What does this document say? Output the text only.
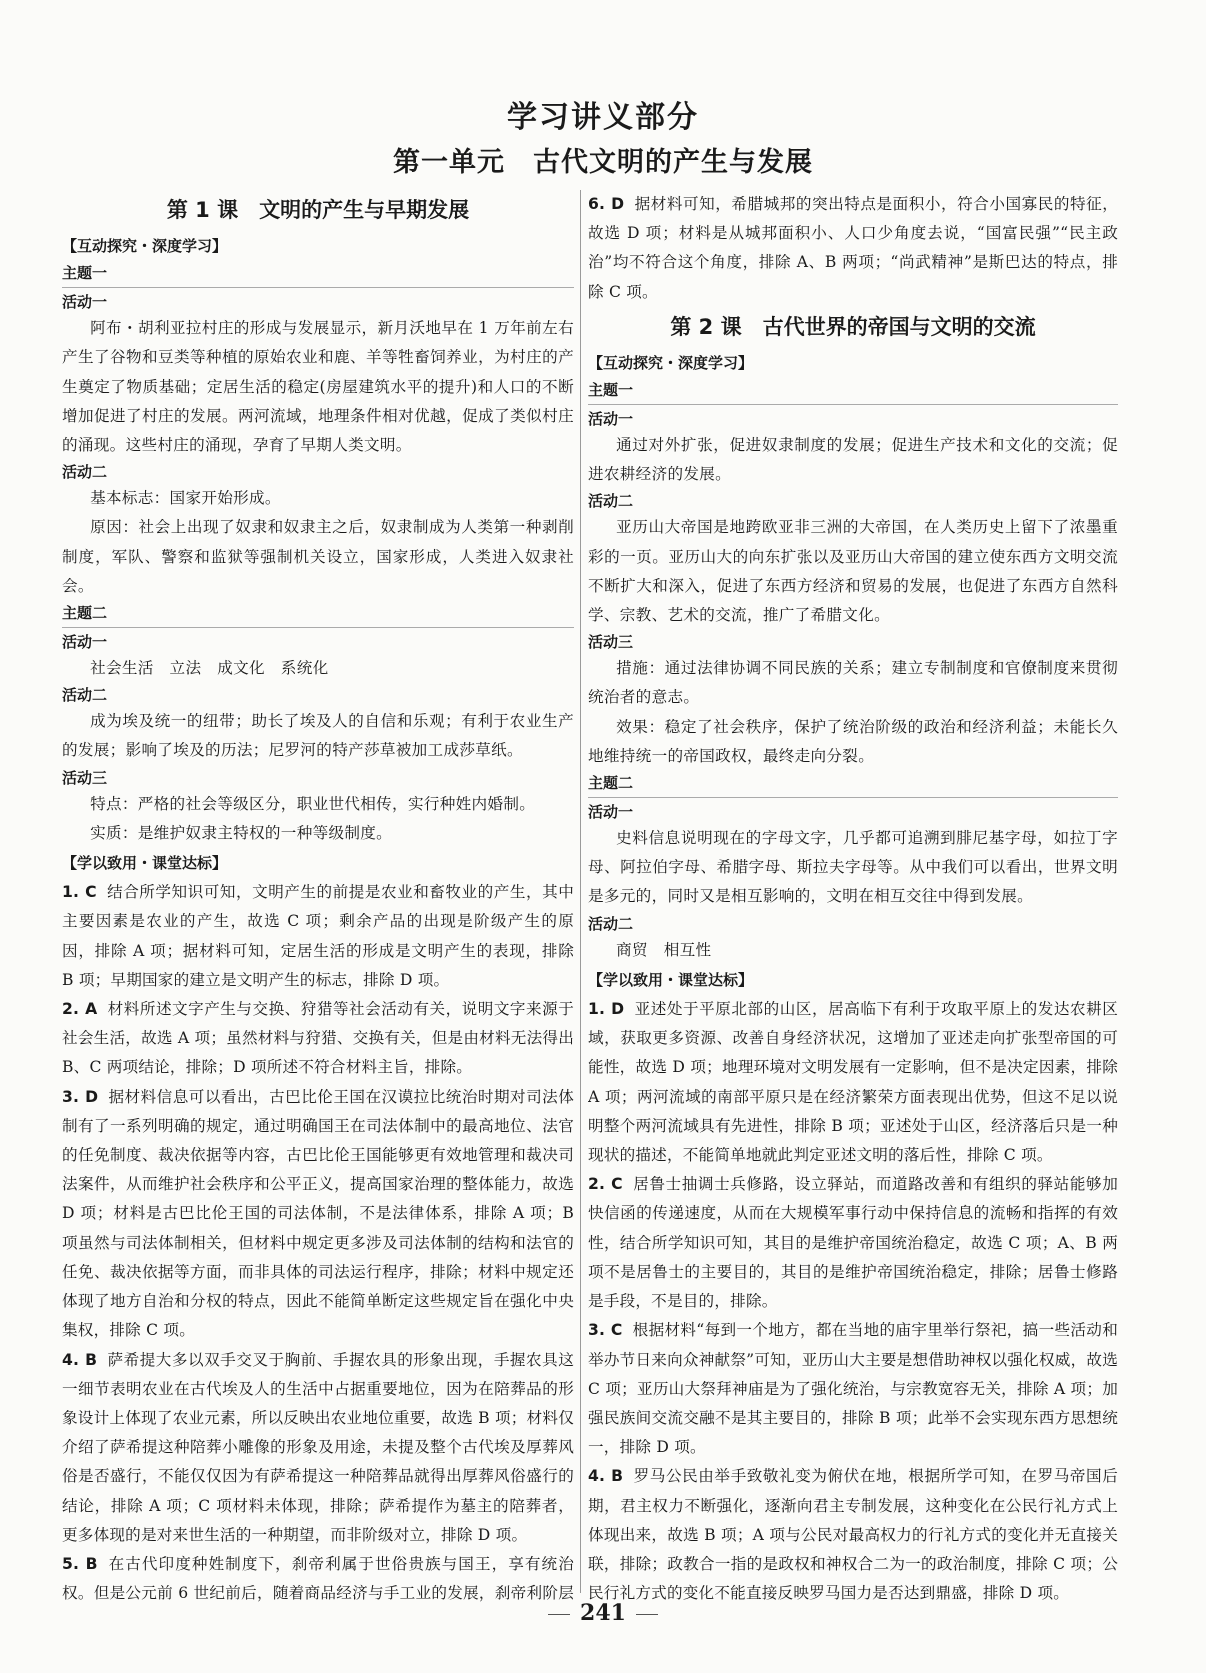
学习讲义部分
第一单元　古代文明的产生与发展
第 1 课　文明的产生与早期发展
【互动探究・深度学习】
主题一
活动一
阿布・胡利亚拉村庄的形成与发展显示，新月沃地早在 1 万年前左右产生了谷物和豆类等种植的原始农业和鹿、羊等牲畜饲养业，为村庄的产生奠定了物质基础；定居生活的稳定(房屋建筑水平的提升)和人口的不断增加促进了村庄的发展。两河流域，地理条件相对优越，促成了类似村庄的涌现。这些村庄的涌现，孕育了早期人类文明。
活动二
基本标志：国家开始形成。
原因：社会上出现了奴隶和奴隶主之后，奴隶制成为人类第一种剥削制度，军队、警察和监狱等强制机关设立，国家形成，人类进入奴隶社会。
主题二
活动一
社会生活　立法　成文化　系统化
活动二
成为埃及统一的纽带；助长了埃及人的自信和乐观；有利于农业生产的发展；影响了埃及的历法；尼罗河的特产莎草被加工成莎草纸。
活动三
特点：严格的社会等级区分，职业世代相传，实行种姓内婚制。
实质：是维护奴隶主特权的一种等级制度。
【学以致用・课堂达标】
1. C 结合所学知识可知，文明产生的前提是农业和畜牧业的产生，其中主要因素是农业的产生，故选 C 项；剩余产品的出现是阶级产生的原因，排除 A 项；据材料可知，定居生活的形成是文明产生的表现，排除 B 项；早期国家的建立是文明产生的标志，排除 D 项。
2. A 材料所述文字产生与交换、狩猎等社会活动有关，说明文字来源于社会生活，故选 A 项；虽然材料与狩猎、交换有关，但是由材料无法得出 B、C 两项结论，排除；D 项所述不符合材料主旨，排除。
3. D 据材料信息可以看出，古巴比伦王国在汉谟拉比统治时期对司法体制有了一系列明确的规定，通过明确国王在司法体制中的最高地位、法官的任免制度、裁决依据等内容，古巴比伦王国能够更有效地管理和裁决司法案件，从而维护社会秩序和公平正义，提高国家治理的整体能力，故选 D 项；材料是古巴比伦王国的司法体制，不是法律体系，排除 A 项；B 项虽然与司法体制相关，但材料中规定更多涉及司法体制的结构和法官的任免、裁决依据等方面，而非具体的司法运行程序，排除；材料中规定还体现了地方自治和分权的特点，因此不能简单断定这些规定旨在强化中央集权，排除 C 项。
4. B 萨希提大多以双手交叉于胸前、手握农具的形象出现，手握农具这一细节表明农业在古代埃及人的生活中占据重要地位，因为在陪葬品的形象设计上体现了农业元素，所以反映出农业地位重要，故选 B 项；材料仅介绍了萨希提这种陪葬小雕像的形象及用途，未提及整个古代埃及厚葬风俗是否盛行，不能仅仅因为有萨希提这一种陪葬品就得出厚葬风俗盛行的结论，排除 A 项；C 项材料未体现，排除；萨希提作为墓主的陪葬者，更多体现的是对来世生活的一种期望，而非阶级对立，排除 D 项。
5. B 在古代印度种姓制度下，刹帝利属于世俗贵族与国王，享有统治权。但是公元前 6 世纪前后，随着商品经济与手工业的发展，刹帝利阶层
6. D 据材料可知，希腊城邦的突出特点是面积小，符合小国寡民的特征，故选 D 项；材料是从城邦面积小、人口少角度去说，“国富民强”“民主政治”均不符合这个角度，排除 A、B 两项；“尚武精神”是斯巴达的特点，排除 C 项。
第 2 课　古代世界的帝国与文明的交流
【互动探究・深度学习】
主题一
活动一
通过对外扩张，促进奴隶制度的发展；促进生产技术和文化的交流；促进农耕经济的发展。
活动二
亚历山大帝国是地跨欧亚非三洲的大帝国，在人类历史上留下了浓墨重彩的一页。亚历山大的向东扩张以及亚历山大帝国的建立使东西方文明交流不断扩大和深入，促进了东西方经济和贸易的发展，也促进了东西方自然科学、宗教、艺术的交流，推广了希腊文化。
活动三
措施：通过法律协调不同民族的关系；建立专制制度和官僚制度来贯彻统治者的意志。
效果：稳定了社会秩序，保护了统治阶级的政治和经济利益；未能长久地维持统一的帝国政权，最终走向分裂。
主题二
活动一
史料信息说明现在的字母文字，几乎都可追溯到腓尼基字母，如拉丁字母、阿拉伯字母、希腊字母、斯拉夫字母等。从中我们可以看出，世界文明是多元的，同时又是相互影响的，文明在相互交往中得到发展。
活动二
商贸　相互性
【学以致用・课堂达标】
1. D 亚述处于平原北部的山区，居高临下有利于攻取平原上的发达农耕区域，获取更多资源、改善自身经济状况，这增加了亚述走向扩张型帝国的可能性，故选 D 项；地理环境对文明发展有一定影响，但不是决定因素，排除 A 项；两河流域的南部平原只是在经济繁荣方面表现出优势，但这不足以说明整个两河流域具有先进性，排除 B 项；亚述处于山区，经济落后只是一种现状的描述，不能简单地就此判定亚述文明的落后性，排除 C 项。
2. C 居鲁士抽调士兵修路，设立驿站，而道路改善和有组织的驿站能够加快信函的传递速度，从而在大规模军事行动中保持信息的流畅和指挥的有效性，结合所学知识可知，其目的是维护帝国统治稳定，故选 C 项；A、B 两项不是居鲁士的主要目的，其目的是维护帝国统治稳定，排除；居鲁士修路是手段，不是目的，排除。
3. C 根据材料“每到一个地方，都在当地的庙宇里举行祭祀，搞一些活动和举办节日来向众神献祭”可知，亚历山大主要是想借助神权以强化权威，故选 C 项；亚历山大祭拜神庙是为了强化统治，与宗教宽容无关，排除 A 项；加强民族间交流交融不是其主要目的，排除 B 项；此举不会实现东西方思想统一，排除 D 项。
4. B 罗马公民由举手致敬礼变为俯伏在地，根据所学可知，在罗马帝国后期，君主权力不断强化，逐渐向君主专制发展，这种变化在公民行礼方式上体现出来，故选 B 项；A 项与公民对最高权力的行礼方式的变化并无直接关联，排除；政教合一指的是政权和神权合二为一的政治制度，排除 C 项；公民行礼方式的变化不能直接反映罗马国力是否达到鼎盛，排除 D 项。
241
